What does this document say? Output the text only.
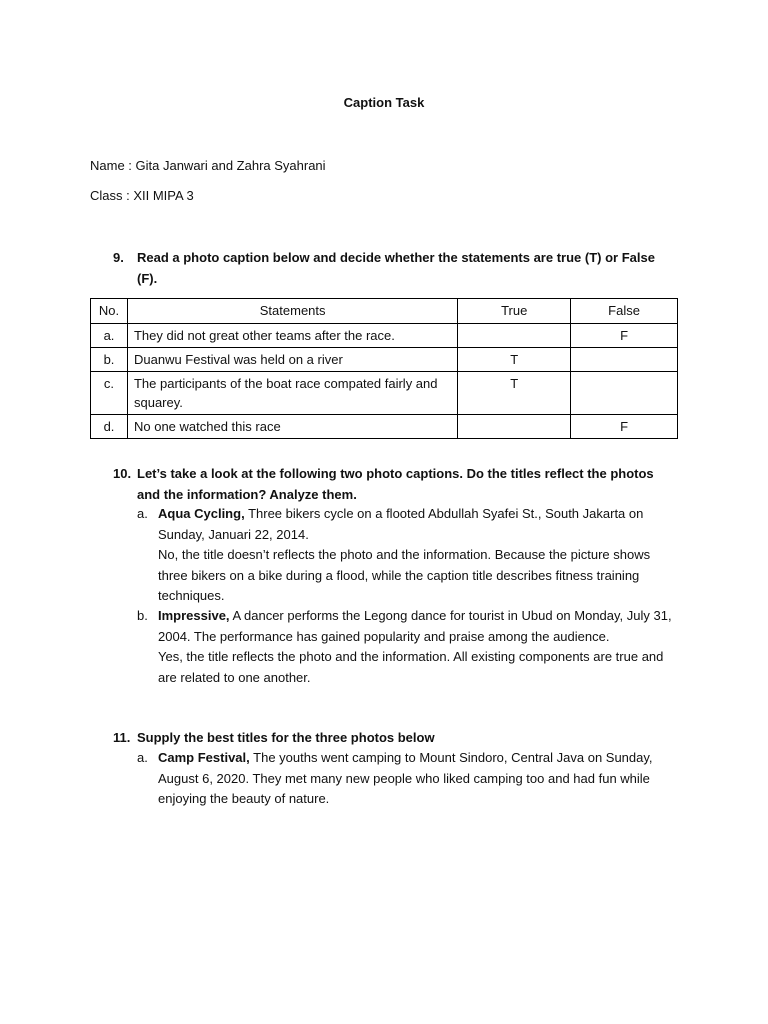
Caption Task
Name : Gita Janwari and Zahra Syahrani
Class : XII MIPA 3
9.	Read a photo caption below and decide whether the statements are true (T) or False (F).
No.	Statements	True	False
a.	They did not great other teams after the race.		F
b.	Duanwu Festival was held on a river	T	
c.	The participants of the boat race compated fairly and squarey.	T	
d.	No one watched this race		F
10. Let’s take a look at the following two photo captions. Do the titles reflect the photos and the information? Analyze them.
a. Aqua Cycling, Three bikers cycle on a flooted Abdullah Syafei St., South Jakarta on Sunday, Januari 22, 2014.
No, the title doesn’t reflects the photo and the information. Because the picture shows three bikers on a bike during a flood, while the caption title describes fitness training techniques.
b. Impressive, A dancer performs the Legong dance for tourist in Ubud on Monday, July 31, 2004. The performance has gained popularity and praise among the audience.
Yes, the title reflects the photo and the information. All existing components are true and are related to one another.
11. Supply the best titles for the three photos below
a. Camp Festival, The youths went camping to Mount Sindoro, Central Java on Sunday, August 6, 2020. They met many new people who liked camping too and had fun while enjoying the beauty of nature.
